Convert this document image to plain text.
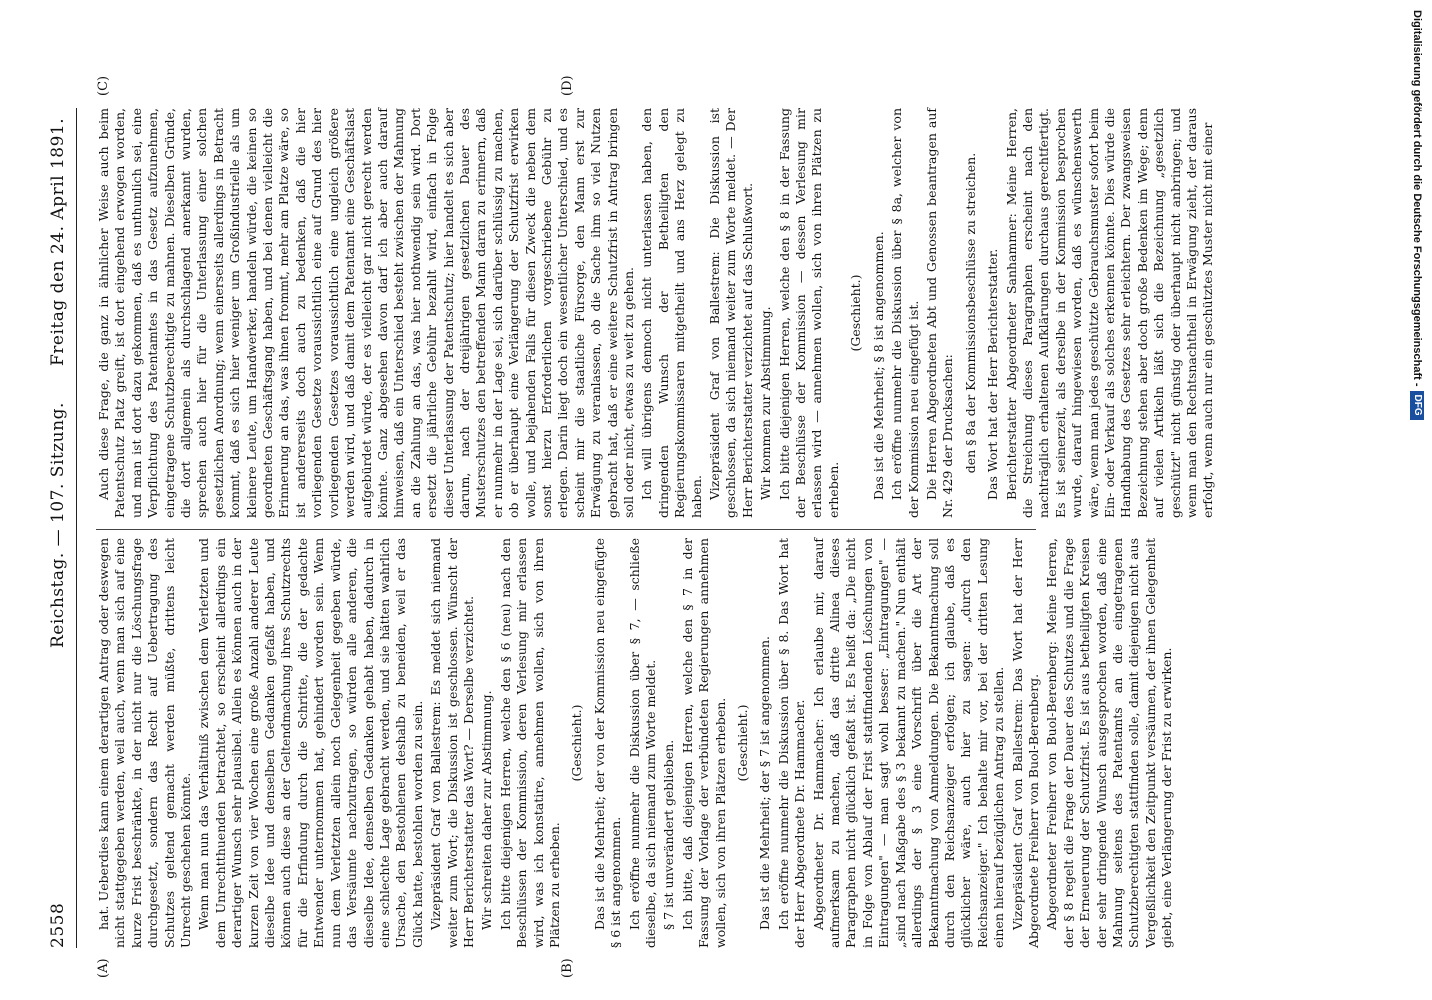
2558
Reichstag. — 107. Sitzung.
Freitag den 24. April 1891.
(A)	(B)
(C)	(D)

hat. Ueberdies kann einem derartigen Antrag oder deswegen nicht stattgegeben werden, weil auch, wenn man sich auf eine kurze Frist beschränkte, in der nicht nur die Löschungsfrage durchgesetzt, sondern das Recht auf Uebertragung des Schutzes geltend gemacht werden müßte, drittens leicht Unrecht geschehen könnte. Wenn man nun das Verhältniß zwischen dem Verletzten und dem Unrechtthuenden betrachtet, so erscheint allerdings ein derartiger Wunsch sehr plausibel. Allein es können auch in der kurzen Zeit von vier Wochen eine große Anzahl anderer Leute dieselbe Idee und denselben Gedanken gefaßt haben, und können auch diese an der Geltendmachung ihres Schutzrechts für die Erfindung durch die Schritte, die der gedachte Entwender unternommen hat, gehindert worden sein. Wenn nun dem Verletzten allein noch Gelegenheit gegeben würde, das Versäumte nachzutragen, so würden alle anderen, die dieselbe Idee, denselben Gedanken gehabt haben, dadurch in eine schlechte Lage gebracht werden, und sie hätten wahrlich Ursache, den Bestohlenen deshalb zu beneiden, weil er das Glück hatte, bestohlen worden zu sein. Vizepräsident Graf von Ballestrem: Es meldet sich niemand weiter zum Wort; die Diskussion ist geschlossen. Wünscht der Herr Berichterstatter das Wort? — Derselbe verzichtet. Wir schreiten daher zur Abstimmung. Ich bitte diejenigen Herren, welche den § 6 (neu) nach den Beschlüssen der Kommission, deren Verlesung mir erlassen wird, was ich konstatire, annehmen wollen, sich von ihren Plätzen zu erheben.

(Geschieht.) Das ist die Mehrheit; der von der Kommission neu eingefügte § 6 ist angenommen. Ich eröffne nunmehr die Diskussion über § 7, — schließe dieselbe, da sich niemand zum Worte meldet. § 7 ist unverändert geblieben. Ich bitte, daß diejenigen Herren, welche den § 7 in der Fassung der Vorlage der verbündeten Regierungen annehmen wollen, sich von ihren Plätzen erheben. (Geschieht.) Das ist die Mehrheit; der § 7 ist angenommen. Ich eröffne nunmehr die Diskussion über § 8. Das Wort hat der Herr Abgeordnete Dr. Hammacher. Abgeordneter Dr. Hammacher: Ich erlaube mir, darauf aufmerksam zu machen, daß das dritte Alinea dieses Paragraphen nicht glücklich gefaßt ist. Es heißt da: „Die nicht in Folge von Ablauf der Frist stattfindenden Löschungen von Eintragungen" — man sagt wohl besser: „Eintragungen" — „sind nach Maßgabe des § 3 bekannt zu machen." Nun enthält allerdings der § 3 eine Vorschrift über die Art der Bekanntmachung von Anmeldungen. Die Bekanntmachung soll durch den Reichsanzeiger erfolgen; ich glaube, daß es glücklicher wäre, auch hier zu sagen: „durch den Reichsanzeiger." Ich behalte mir vor, bei der dritten Lesung einen hierauf bezüglichen Antrag zu stellen. Vizepräsident Graf von Ballestrem: Das Wort hat der Herr Abgeordnete Freiherr von Buol-Berenberg. Abgeordneter Freiherr von Buol-Berenberg: Meine Herren, der § 8 regelt die Frage der Dauer des Schutzes und die Frage der Erneuerung der Schutzfrist. Es ist aus betheiligten Kreisen der sehr dringende Wunsch ausgesprochen worden, daß eine Mahnung seitens des Patentamts an die eingetragenen Schutzberechtigten stattfinden solle, damit diejenigen nicht aus Vergeßlichkeit den Zeitpunkt versäumen, der ihnen Gelegenheit giebt, eine Verlängerung der Frist zu erwirken.

Auch diese Frage, die ganz in ähnlicher Weise auch beim Patentschutz Platz greift, ist dort eingehend erwogen worden, und man ist dort dazu gekommen, daß es unthunlich sei, eine Verpflichtung des Patentamtes in das Gesetz aufzunehmen, eingetragene Schutzberechtigte zu mahnen. Dieselben Gründe, die dort allgemein als durchschlagend anerkannt wurden, sprechen auch hier für die Unterlassung einer solchen gesetzlichen Anordnung; wenn einerseits allerdings in Betracht kommt, daß es sich hier weniger um Großindustrielle als um kleinere Leute, um Handwerker, handeln würde, die keinen so geordneten Geschäftsgang haben, und bei denen vielleicht die Erinnerung an das, was ihnen frommt, mehr am Platze wäre, so ist andererseits doch auch zu bedenken, daß die hier vorliegenden Gesetze voraussichtlich eine auf Grund des hier vorliegenden Gesetzes voraussichtlich eine ungleich größere werden wird, und daß damit dem Patentamt eine Geschäftslast aufgebürdet würde, der es vielleicht gar nicht gerecht werden könnte. Ganz abgesehen davon darf ich aber auch darauf hinweisen, daß ein Unterschied besteht zwischen der Mahnung an die Zahlung an das, was hier nothwendig sein wird. Dort ersetzt die jährliche Gebühr bezahlt wird, einfach in Folge dieser Unterlassung der Patentschutz; hier handelt es sich aber darum, nach der dreijährigen gesetzlichen Dauer des Musterschutzes den betreffenden Mann daran zu erinnern, daß er nunmehr in der Lage sei, sich darüber schlüssig zu machen, ob er überhaupt eine Verlängerung der Schutzfrist erwirken wolle, und bejahenden Falls für diesen Zweck die neben dem sonst hierzu Erforderlichen vorgeschriebene Gebühr zu erlegen. Darin liegt doch ein wesentlicher Unterschied, und es scheint mir die staatliche Fürsorge, den Mann erst zur Erwägung zu veranlassen, ob die Sache ihm so viel Nutzen gebracht hat, daß er eine weitere Schutzfrist in Antrag bringen soll oder nicht, etwas zu weit zu gehen. Ich will übrigens dennoch nicht unterlassen haben, den dringenden Wunsch der Betheiligten den Regierungskommissaren mitgetheilt und ans Herz gelegt zu haben. Vizepräsident Graf von Ballestrem: Die Diskussion ist geschlossen, da sich niemand weiter zum Worte meldet. — Der Herr Berichterstatter verzichtet auf das Schlußwort. Wir kommen zur Abstimmung. Ich bitte diejenigen Herren, welche den § 8 in der Fassung der Beschlüsse der Kommission — dessen Verlesung mir erlassen wird — annehmen wollen, sich von ihren Plätzen zu erheben.

(Geschieht.) Das ist die Mehrheit; § 8 ist angenommen. Ich eröffne nunmehr die Diskussion über § 8a, welcher von der Kommission neu eingefügt ist. Die Herren Abgeordneten Abt und Genossen beantragen auf Nr. 429 der Drucksachen: den § 8a der Kommissionsbeschlüsse zu streichen. Das Wort hat der Herr Berichterstatter. Berichterstatter Abgeordneter Sanhammer: Meine Herren, die Streichung dieses Paragraphen erscheint nach den nachträglich erhaltenen Aufklärungen durchaus gerechtfertigt. Es ist seinerzeit, als derselbe in der Kommission besprochen wurde, darauf hingewiesen worden, daß es wünschenswerth wäre, wenn man jedes geschützte Gebrauchsmuster sofort beim Ein- oder Verkauf als solches erkennen könnte. Dies würde die Handhabung des Gesetzes sehr erleichtern. Der zwangsweisen Bezeichnung stehen aber doch große Bedenken im Wege; denn auf vielen Artikeln läßt sich die Bezeichnung „gesetzlich geschützt" nicht günstig oder überhaupt nicht anbringen; und wenn man den Rechtsnachtheil in Erwägung zieht, der daraus erfolgt, wenn auch nur ein geschütztes Muster nicht mit einer	Digitalisierung gefördert durch die Deutsche Forschungsgemeinschaft -DFG
